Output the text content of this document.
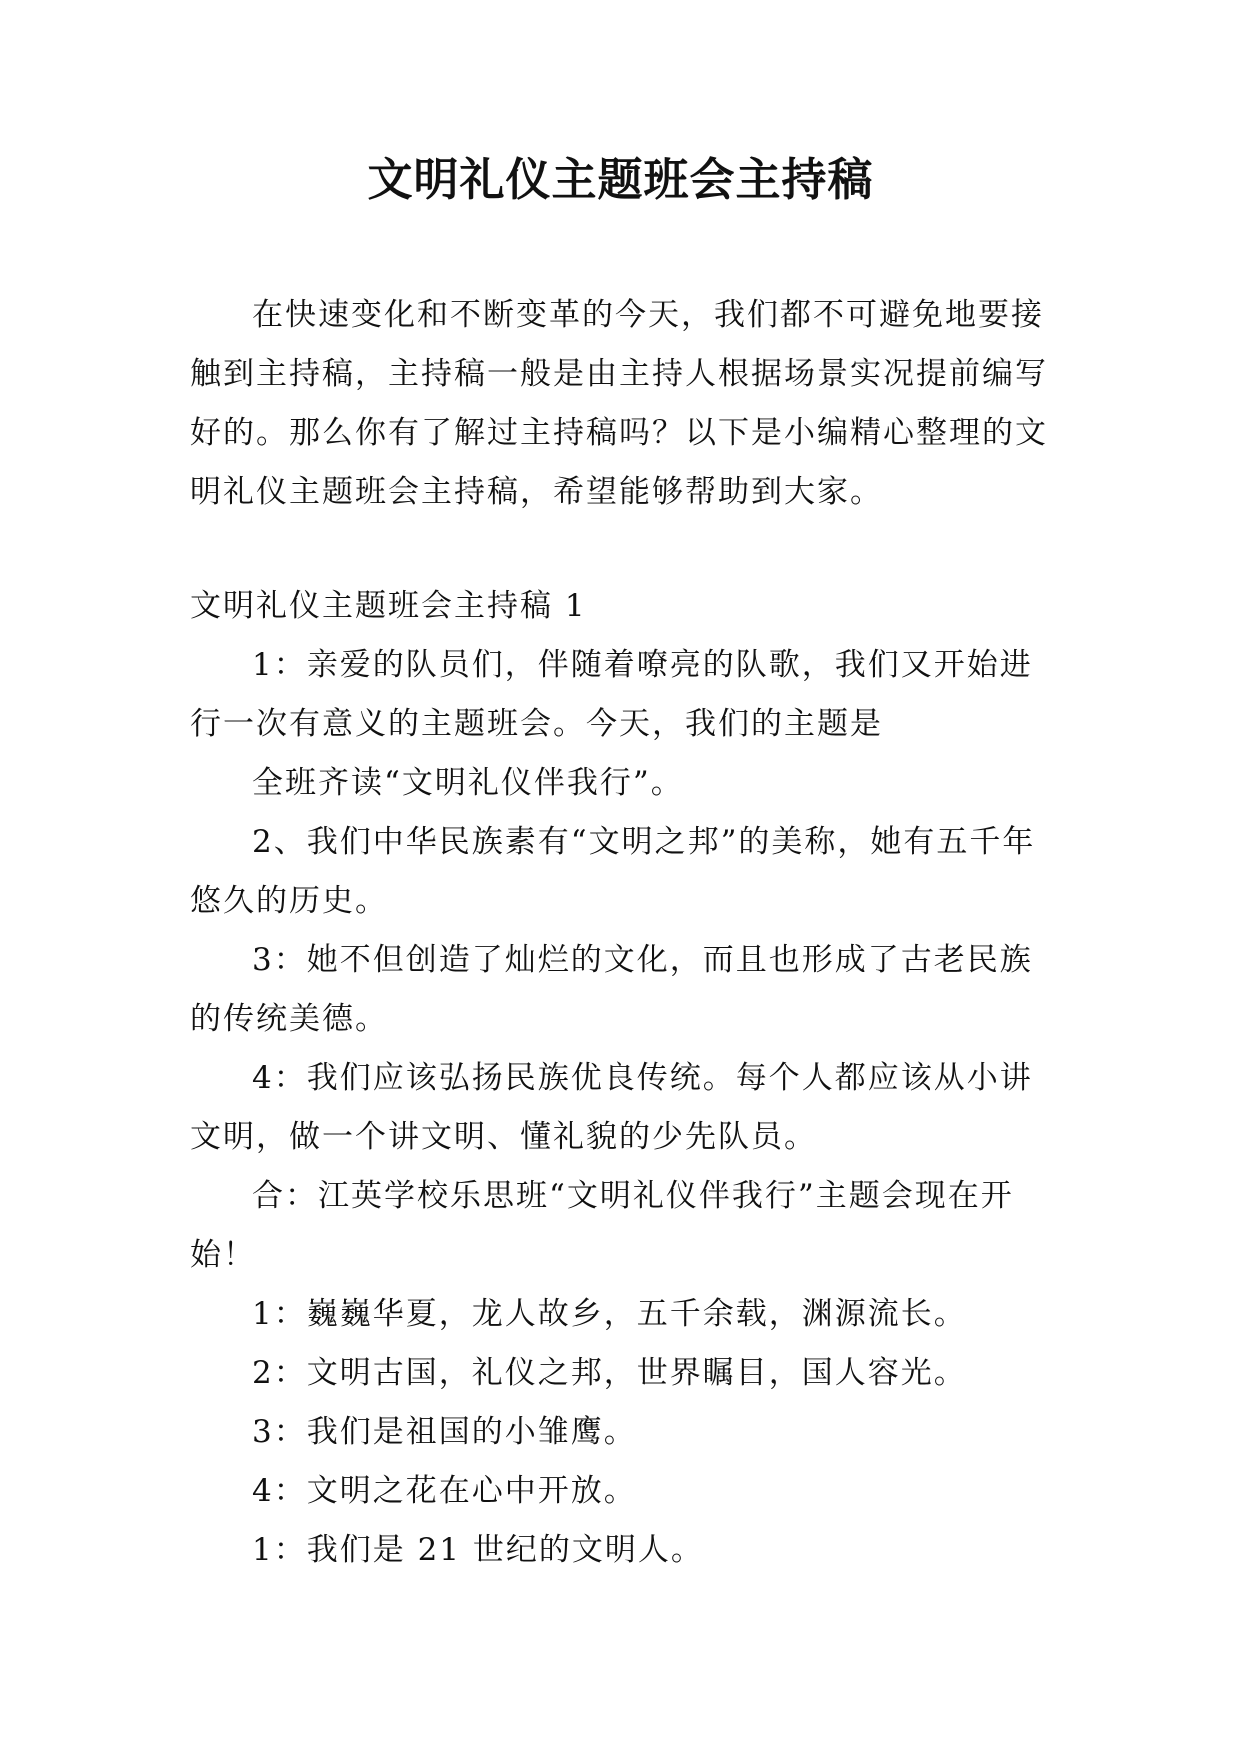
文明礼仪主题班会主持稿

在快速变化和不断变革的今天，我们都不可避免地要接触到主持稿，主持稿一般是由主持人根据场景实况提前编写好的。那么你有了解过主持稿吗？以下是小编精心整理的文明礼仪主题班会主持稿，希望能够帮助到大家。

文明礼仪主题班会主持稿 1

1：亲爱的队员们，伴随着嘹亮的队歌，我们又开始进行一次有意义的主题班会。今天，我们的主题是

全班齐读“文明礼仪伴我行”。

2、我们中华民族素有“文明之邦”的美称，她有五千年悠久的历史。

3：她不但创造了灿烂的文化，而且也形成了古老民族的传统美德。

4：我们应该弘扬民族优良传统。每个人都应该从小讲文明，做一个讲文明、懂礼貌的少先队员。

合：江英学校乐思班“文明礼仪伴我行”主题会现在开始！

1：巍巍华夏，龙人故乡，五千余载，渊源流长。

2：文明古国，礼仪之邦，世界瞩目，国人容光。

3：我们是祖国的小雏鹰。

4：文明之花在心中开放。

1：我们是 21 世纪的文明人。
